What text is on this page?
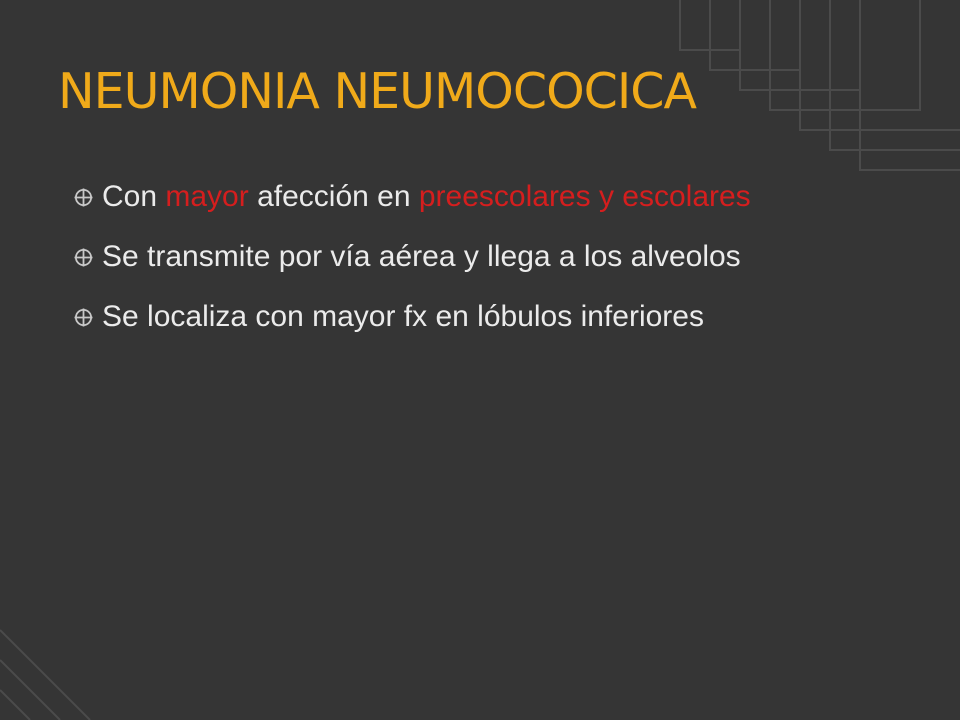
NEUMONIA NEUMOCOCICA
Con mayor afección en preescolares y escolares
Se transmite por vía aérea y llega a los alveolos
Se localiza con mayor fx en lóbulos inferiores
